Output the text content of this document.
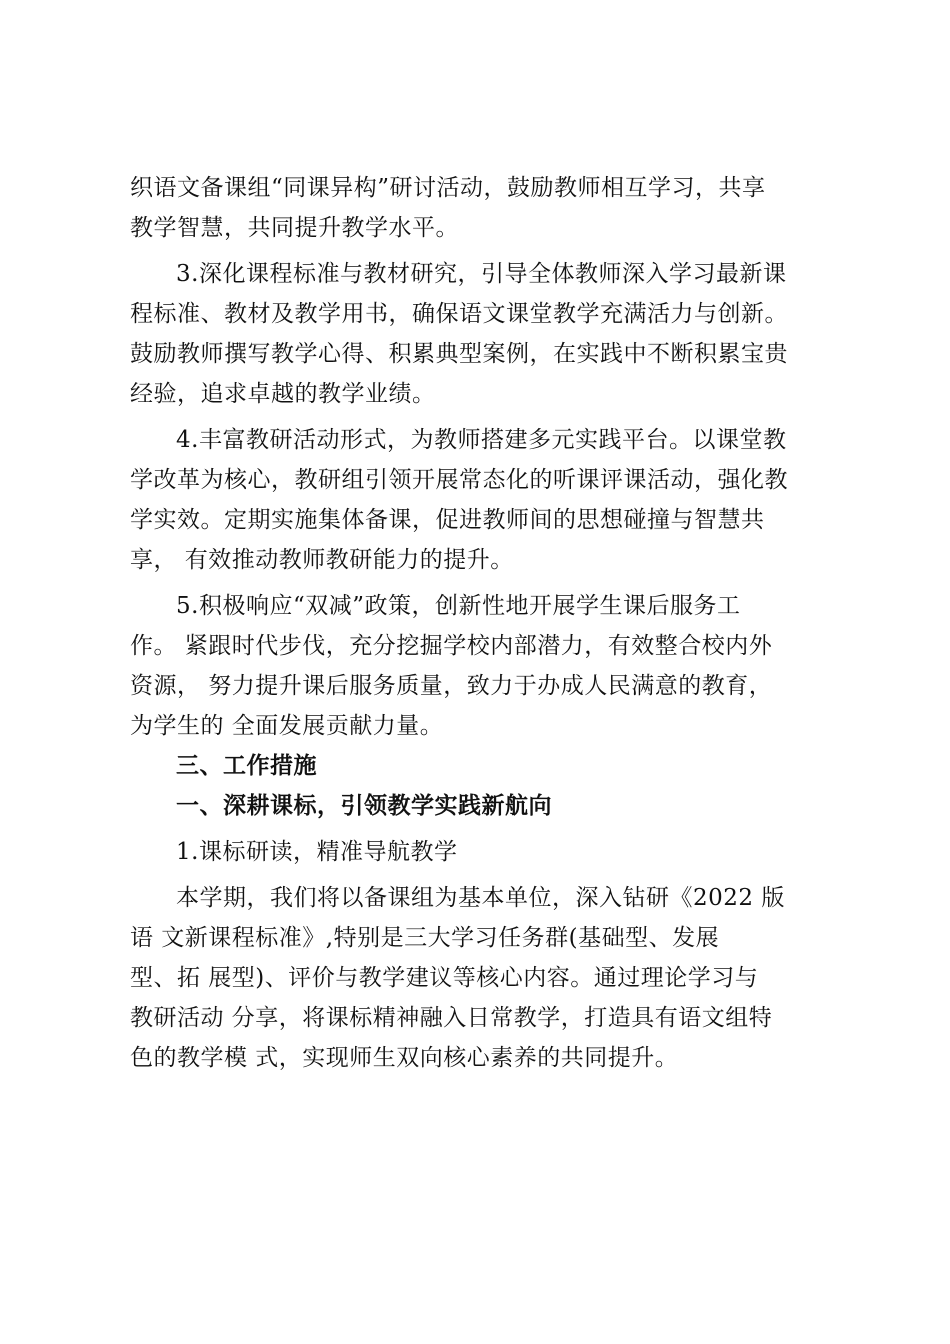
织语文备课组“同课异构”研讨活动，鼓励教师相互学习，共享
教学智慧，共同提升教学水平。
3.深化课程标准与教材研究，引导全体教师深入学习最新课
程标准、教材及教学用书，确保语文课堂教学充满活力与创新。
鼓励教师撰写教学心得、积累典型案例，在实践中不断积累宝贵
经验，追求卓越的教学业绩。
4.丰富教研活动形式，为教师搭建多元实践平台。以课堂教
学改革为核心，教研组引领开展常态化的听课评课活动，强化教
学实效。定期实施集体备课，促进教师间的思想碰撞与智慧共
享， 有效推动教师教研能力的提升。
5.积极响应“双减”政策，创新性地开展学生课后服务工
作。 紧跟时代步伐，充分挖掘学校内部潜力，有效整合校内外
资源， 努力提升课后服务质量，致力于办成人民满意的教育，
为学生的 全面发展贡献力量。
三、工作措施
一、深耕课标，引领教学实践新航向
1.课标研读，精准导航教学
本学期，我们将以备课组为基本单位，深入钻研《2022 版
语 文新课程标准》,特别是三大学习任务群(基础型、发展
型、拓 展型)、评价与教学建议等核心内容。通过理论学习与
教研活动 分享，将课标精神融入日常教学，打造具有语文组特
色的教学模 式，实现师生双向核心素养的共同提升。
